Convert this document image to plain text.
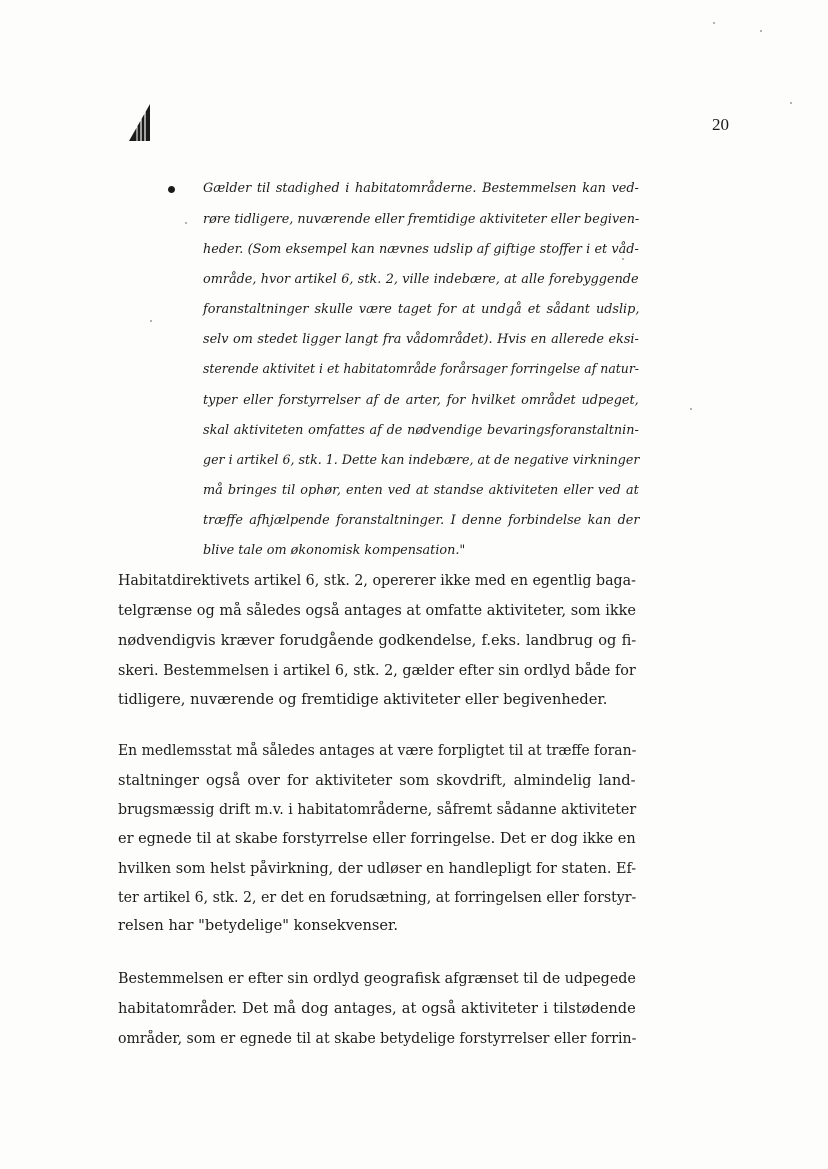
20
Gælder til stadighed i habitatområderne. Bestemmelsen kan ved-
røre tidligere, nuværende eller fremtidige aktiviteter eller begiven-
heder. (Som eksempel kan nævnes udslip af giftige stoffer i et våd-
område, hvor artikel 6, stk. 2, ville indebære, at alle forebyggende
foranstaltninger skulle være taget for at undgå et sådant udslip,
selv om stedet ligger langt fra vådområdet). Hvis en allerede eksi-
sterende aktivitet i et habitatområde forårsager forringelse af natur-
typer eller forstyrrelser af de arter, for hvilket området udpeget,
skal aktiviteten omfattes af de nødvendige bevaringsforanstaltnin-
ger i artikel 6, stk. 1. Dette kan indebære, at de negative virkninger
må bringes til ophør, enten ved at standse aktiviteten eller ved at
træffe afhjælpende foranstaltninger. I denne forbindelse kan der
blive tale om økonomisk kompensation."
Habitatdirektivets artikel 6, stk. 2, opererer ikke med en egentlig baga-
telgrænse og må således også antages at omfatte aktiviteter, som ikke
nødvendigvis kræver forudgående godkendelse, f.eks. landbrug og fi-
skeri. Bestemmelsen i artikel 6, stk. 2, gælder efter sin ordlyd både for
tidligere, nuværende og fremtidige aktiviteter eller begivenheder.
En medlemsstat må således antages at være forpligtet til at træffe foran-
staltninger også over for aktiviteter som skovdrift, almindelig land-
brugsmæssig drift m.v. i habitatområderne, såfremt sådanne aktiviteter
er egnede til at skabe forstyrrelse eller forringelse. Det er dog ikke en
hvilken som helst påvirkning, der udløser en handlepligt for staten. Ef-
ter artikel 6, stk. 2, er det en forudsætning, at forringelsen eller forstyr-
relsen har "betydelige" konsekvenser.
Bestemmelsen er efter sin ordlyd geografisk afgrænset til de udpegede
habitatområder. Det må dog antages, at også aktiviteter i tilstødende
områder, som er egnede til at skabe betydelige forstyrrelser eller forrin-
